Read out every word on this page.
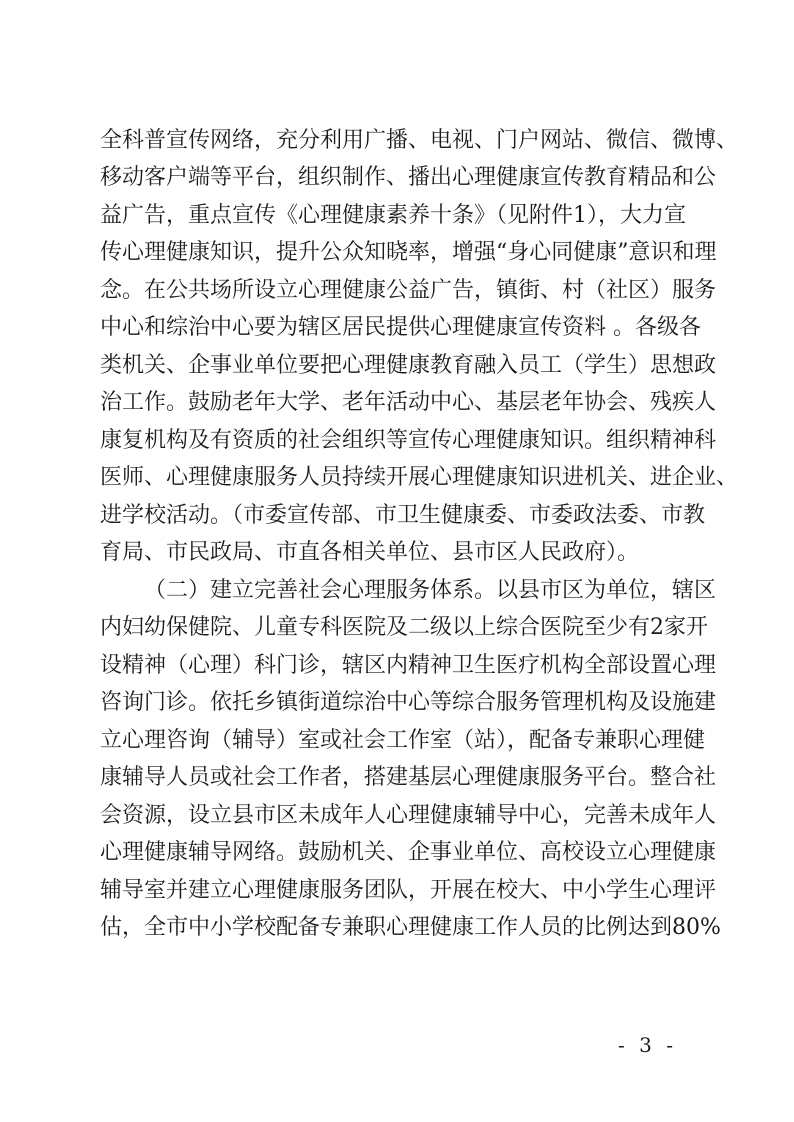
全科普宣传网络，充分利用广播、电视、门户网站、微信、微博、
移动客户端等平台，组织制作、播出心理健康宣传教育精品和公
益广告，重点宣传《心理健康素养十条》（见附件1），大力宣
传心理健康知识，提升公众知晓率，增强“身心同健康”意识和理
念。在公共场所设立心理健康公益广告，镇街、村（社区）服务
中心和综治中心要为辖区居民提供心理健康宣传资料 。各级各
类机关、企事业单位要把心理健康教育融入员工（学生）思想政
治工作。鼓励老年大学、老年活动中心、基层老年协会、残疾人
康复机构及有资质的社会组织等宣传心理健康知识。组织精神科
医师、心理健康服务人员持续开展心理健康知识进机关、进企业、
进学校活动。（市委宣传部、市卫生健康委、市委政法委、市教
育局、市民政局、市直各相关单位、县市区人民政府）。
（二）建立完善社会心理服务体系。以县市区为单位，辖区
内妇幼保健院、儿童专科医院及二级以上综合医院至少有2家开
设精神（心理）科门诊，辖区内精神卫生医疗机构全部设置心理
咨询门诊。依托乡镇街道综治中心等综合服务管理机构及设施建
立心理咨询（辅导）室或社会工作室（站），配备专兼职心理健
康辅导人员或社会工作者，搭建基层心理健康服务平台。整合社
会资源，设立县市区未成年人心理健康辅导中心，完善未成年人
心理健康辅导网络。鼓励机关、企事业单位、高校设立心理健康
辅导室并建立心理健康服务团队，开展在校大、中小学生心理评
估，全市中小学校配备专兼职心理健康工作人员的比例达到80%
- 3 -
